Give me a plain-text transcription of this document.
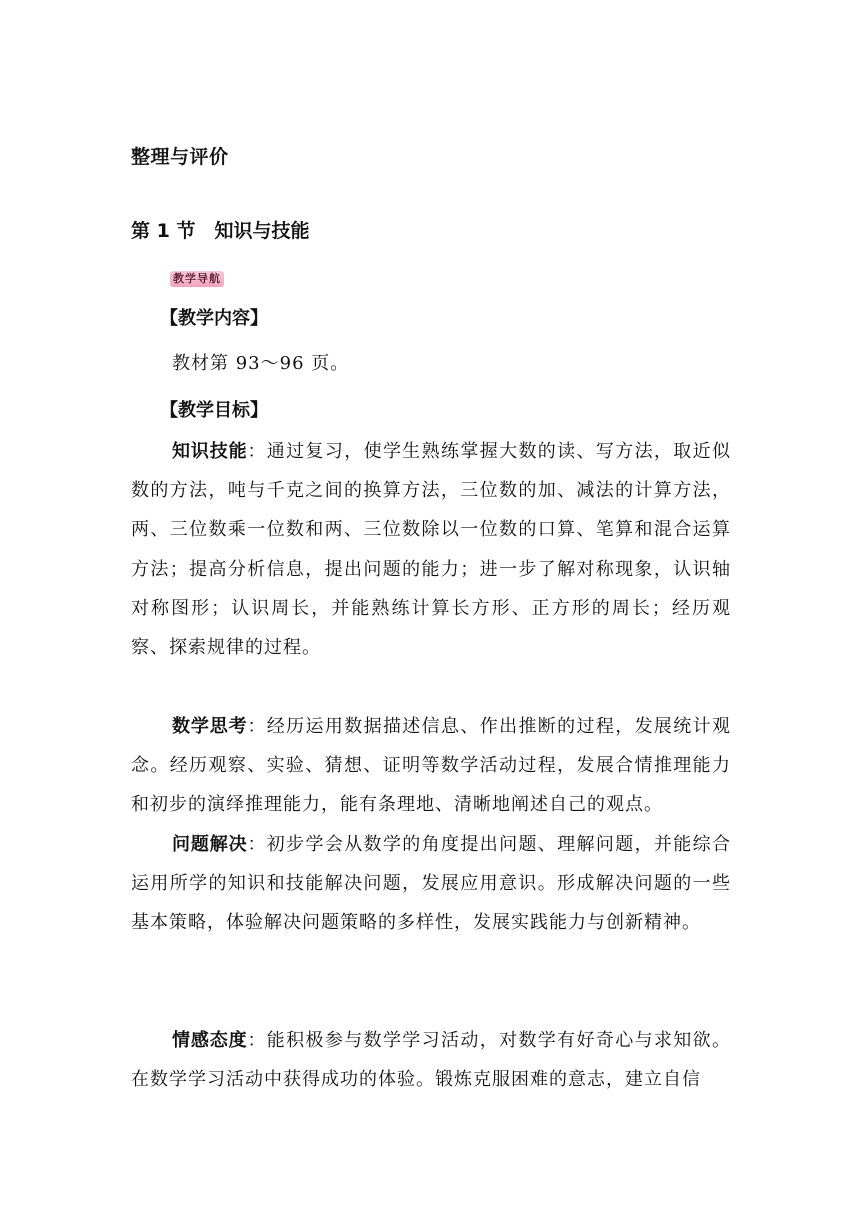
整理与评价
第 1 节　知识与技能
教学导航
【教学内容】

教材第 93～96 页。

【教学目标】

知识技能：通过复习，使学生熟练掌握大数的读、写方法，取近似数的方法，吨与千克之间的换算方法，三位数的加、减法的计算方法，两、三位数乘一位数和两、三位数除以一位数的口算、笔算和混合运算方法；提高分析信息，提出问题的能力；进一步了解对称现象，认识轴对称图形；认识周长，并能熟练计算长方形、正方形的周长；经历观察、探索规律的过程。

数学思考：经历运用数据描述信息、作出推断的过程，发展统计观念。经历观察、实验、猜想、证明等数学活动过程，发展合情推理能力和初步的演绎推理能力，能有条理地、清晰地阐述自己的观点。

问题解决：初步学会从数学的角度提出问题、理解问题，并能综合运用所学的知识和技能解决问题，发展应用意识。形成解决问题的一些基本策略，体验解决问题策略的多样性，发展实践能力与创新精神。

情感态度：能积极参与数学学习活动，对数学有好奇心与求知欲。在数学学习活动中获得成功的体验。锻炼克服困难的意志，建立自信
